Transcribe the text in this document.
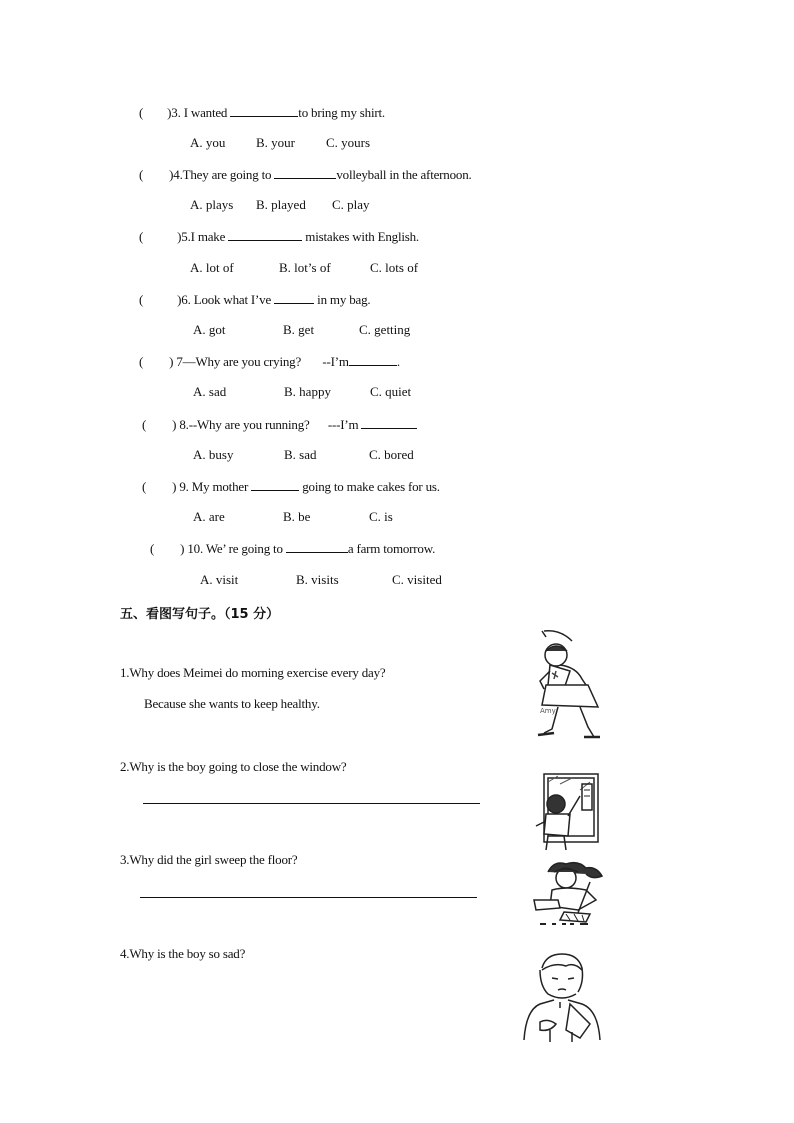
( )3. I wanted	to bring my shirt.
A. you B. your C. yours
( )4.They are going to	volleyball in the afternoon.
A. plays B. played C. play
(	)5.I make	mistakes with English.
A. lot of	B. lot’s of	C. lots of
(	)6. Look what I’ve	in my bag.
A. got	B. get	C. getting
( ) 7—Why are you crying?       --I’m	.
A. sad	B. happy	C. quiet
( ) 8.--Why are you running?      ---I’m
A. busy	B. sad	C. bored
( ) 9. My mother	going to make cakes for us.
A. are	B. be	C. is
( ) 10. We’ re going to	a farm tomorrow.
A. visit	B. visits	C. visited
五、看图写句子。（15 分）
1.Why does Meimei do morning exercise every day?
Because she wants to keep healthy.
2.Why is the boy going to close the window?
3.Why did the girl sweep the floor?
4.Why is the boy so sad?
Amy
